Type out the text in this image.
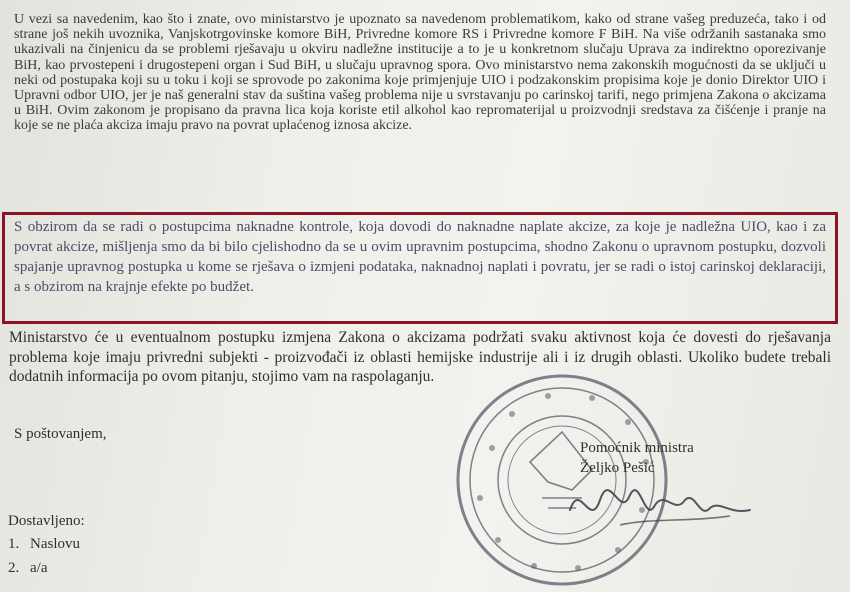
U vezi sa navedenim, kao što i znate, ovo ministarstvo je upoznato sa navedenom problematikom, kako od strane vašeg preduzeća, tako i od strane još nekih uvoznika, Vanjskotrgovinske komore BiH, Privredne komore RS i Privredne komore F BiH. Na više održanih sastanaka smo ukazivali na činjenicu da se problemi rješavaju u okviru nadležne institucije a to je u konkretnom slučaju Uprava za indirektno oporezivanje BiH, kao prvostepeni i drugostepeni organ i Sud BiH, u slučaju upravnog spora. Ovo ministarstvo nema zakonskih mogućnosti da se uključi u neki od postupaka koji su u toku i koji se sprovode po zakonima koje primjenjuje UIO i podzakonskim propisima koje je donio Direktor UIO i Upravni odbor UIO, jer je naš generalni stav da suština vašeg problema nije u svrstavanju po carinskoj tarifi, nego primjena Zakona o akcizama u BiH. Ovim zakonom je propisano da pravna lica koja koriste etil alkohol kao repromaterijal u proizvodnji sredstava za čišćenje i pranje na koje se ne plaća akciza imaju pravo na povrat uplaćenog iznosa akcize.

S obzirom da se radi o postupcima naknadne kontrole, koja dovodi do naknadne naplate akcize, za koje je nadležna UIO, kao i za povrat akcize, mišljenja smo da bi bilo cjelishodno da se u ovim upravnim postupcima, shodno Zakonu o upravnom postupku, dozvoli spajanje upravnog postupka u kome se rješava o izmjeni podataka, naknadnoj naplati i povratu, jer se radi o istoj carinskoj deklaraciji, a s obzirom na krajnje efekte po budžet.

Ministarstvo će u eventualnom postupku izmjena Zakona o akcizama podržati svaku aktivnost koja će dovesti do rješavanja problema koje imaju privredni subjekti - proizvođači iz oblasti hemijske industrije ali i iz drugih oblasti. Ukoliko budete trebali dodatnih informacija po ovom pitanju, stojimo vam na raspolaganju.

S poštovanjem,
Pomoćnik ministra
Željko Pešić
Dostavljeno:
1. Naslovu
2. a/a
